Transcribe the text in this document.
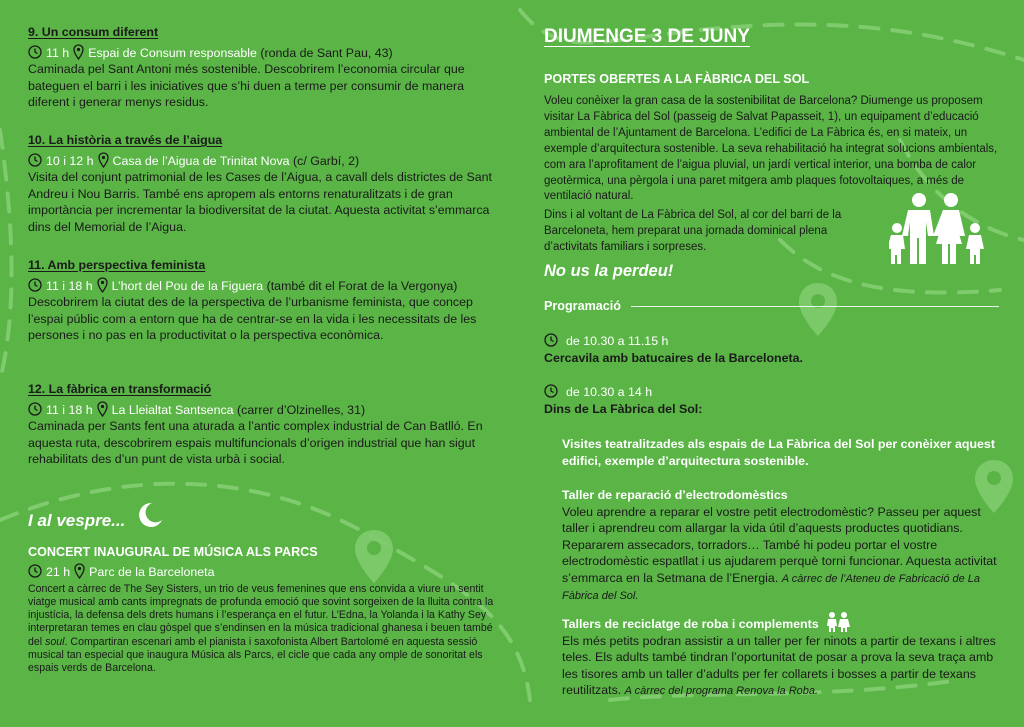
9. Un consum diferent

11 h Espai de Consum responsable (ronda de Sant Pau, 43)

Caminada pel Sant Antoni més sostenible. Descobrirem l’economia circular que bateguen el barri i les iniciatives que s’hi duen a terme per consumir de manera diferent i generar menys residus.

10. La història a través de l’aigua

10 i 12 h Casa de l’Aigua de Trinitat Nova (c/ Garbí, 2)

Visita del conjunt patrimonial de les Cases de l’Aigua, a cavall dels districtes de Sant Andreu i Nou Barris. També ens apropem als entorns renaturalitzats i de gran importància per incrementar la biodiversitat de la ciutat. Aquesta activitat s’emmarca dins del Memorial de l’Aigua.

11. Amb perspectiva feminista

11 i 18 h L’hort del Pou de la Figuera (també dit el Forat de la Vergonya)

Descobrirem la ciutat des de la perspectiva de l’urbanisme feminista, que concep l’espai públic com a entorn que ha de centrar-se en la vida i les necessitats de les persones i no pas en la productivitat o la perspectiva econòmica.

12. La fàbrica en transformació

11 i 18 h La Lleialtat Santsenca (carrer d’Olzinelles, 31)

Caminada per Sants fent una aturada a l’antic complex industrial de Can Batlló. En aquesta ruta, descobrirem espais multifuncionals d’origen industrial que han sigut rehabilitats des d’un punt de vista urbà i social.

I al vespre...

CONCERT INAUGURAL DE MÚSICA ALS PARCS

21 h Parc de la Barceloneta

Concert a càrrec de The Sey Sisters, un trio de veus femenines que ens convida a viure un sentit viatge musical amb cants impregnats de profunda emoció que sovint sorgeixen de la lluita contra la injustícia, la defensa dels drets humans i l’esperança en el futur. L’Edna, la Yolanda i la Kathy Sey interpretaran temes en clau gòspel que s’endinsen en la música tradicional ghanesa i beuen també del soul. Compartiran escenari amb el pianista i saxofonista Albert Bartolomé en aquesta sessió musical tan especial que inaugura Música als Parcs, el cicle que cada any omple de sonoritat els espais verds de Barcelona.

DIUMENGE 3 DE JUNY

PORTES OBERTES A LA FÀBRICA DEL SOL

Voleu conèixer la gran casa de la sostenibilitat de Barcelona? Diumenge us proposem visitar La Fàbrica del Sol (passeig de Salvat Papasseit, 1), un equipament d’educació ambiental de l’Ajuntament de Barcelona. L’edifici de La Fàbrica és, en si mateix, un exemple d’arquitectura sostenible. La seva rehabilitació ha integrat solucions ambientals, com ara l’aprofitament de l’aigua pluvial, un jardí vertical interior, una bomba de calor geotèrmica, una pèrgola i una paret mitgera amb plaques fotovoltaiques, a més de ventilació natural.

Dins i al voltant de La Fàbrica del Sol, al cor del barri de la Barceloneta, hem preparat una jornada dominical plena d’activitats familiars i sorpreses.

No us la perdeu!

Programació

de 10.30 a 11.15 h

Cercavila amb batucaires de la Barceloneta.

de 10.30 a 14 h

Dins de La Fàbrica del Sol:

Visites teatralitzades als espais de La Fàbrica del Sol per conèixer aquest edifici, exemple d’arquitectura sostenible.

Taller de reparació d’electrodomèstics

Voleu aprendre a reparar el vostre petit electrodomèstic? Passeu per aquest taller i aprendreu com allargar la vida útil d’aquests productes quotidians. Repararem assecadors, torradors… També hi podeu portar el vostre electrodomèstic espatllat i us ajudarem perquè torni funcionar. Aquesta activitat s’emmarca en la Setmana de l’Energia. A càrrec de l’Ateneu de Fabricació de La Fàbrica del Sol.

Tallers de reciclatge de roba i complements

Els més petits podran assistir a un taller per fer ninots a partir de texans i altres teles. Els adults també tindran l’oportunitat de posar a prova la seva traça amb les tisores amb un taller d’adults per fer collarets i bosses a partir de texans reutilitzats. A càrrec del programa Renova la Roba.
